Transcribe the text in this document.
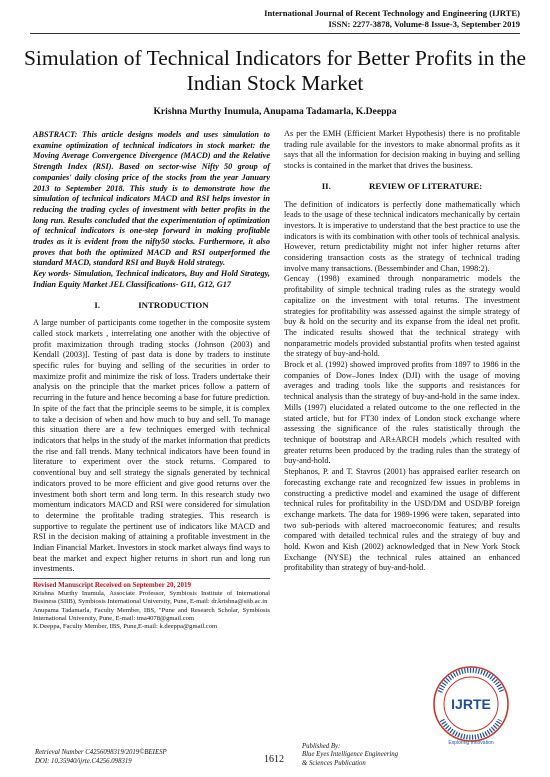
International Journal of Recent Technology and Engineering (IJRTE)
ISSN: 2277-3878, Volume-8 Issue-3, September 2019
Simulation of Technical Indicators for Better Profits in the Indian Stock Market
Krishna Murthy Inumula, Anupama Tadamarla, K.Deeppa

ABSTRACT: This article designs models and uses simulation to examine optimization of technical indicators in stock market: the Moving Average Convergence Divergence (MACD) and the Relative Strength Index (RSI). Based on sector-wise Nifty 50 group of companies' daily closing price of the stocks from the year January 2013 to September 2018. This study is to demonstrate how the simulation of technical indicators MACD and RSI helps investor in reducing the trading cycles of investment with better profits in the long run. Results concluded that the experimentation of optimization of technical indicators is one-step forward in making profitable trades as it is evident from the nifty50 stocks. Furthermore, it also proves that both the optimized MACD and RSI outperformed the standard MACD, standard RSI and Buy& Hold strategy.

Key words- Simulation, Technical indicators, Buy and Hold Strategy, Indian Equity Market JEL Classifications- G11, G12, G17

I.	INTRODUCTION

A large number of participants come together in the composite system called stock markets , interrelating one another with the objective of profit maximization through trading stocks (Johnson (2003) and Kendall (2003)]. Testing of past data is done by traders to institute specific rules for buying and selling of the securities in order to maximize profit and minimize the risk of loss. Traders undertake their analysis on the principle that the market prices follow a pattern of recurring in the future and hence becoming a base for future prediction. In spite of the fact that the principle seems to be simple, it is complex to take a decision of when and how much to buy and sell. To manage this situation there are a few techniques emerged with technical indicators that helps in the study of the market information that predicts the rise and fall trends. Many technical indicators have been found in literature to experiment over the stock returns. Compared to conventional buy and sell strategy the signals generated by technical indicators proved to be more efficient and give good returns over the investment both short term and long term. In this research study two momentum indicators MACD and RSI were considered for simulation to determine the profitable trading strategies. This research is supportive to regulate the pertinent use of indicators like MACD and RSI in the decision making of attaining a profitable investment in the Indian Financial Market. Investors in stock market always find ways to beat the market and expect higher returns in short run and long run investments.

Revised Manuscript Received on September 20, 2019
Krishna Murthy Inumula, Associate Professor, Symbiosis Institute of International Business (SIIB), Symbiosis International University, Pune, E-mail: dr.krishna@siib.ac.in
Anupama Tadamarla, Faculty Member, IBS, "Pune and Research Scholar, Symbiosis International University, Pune, E-mail: tma4078@gmail.com
K.Deeppa, Faculty Member, IBS, Pune,E-mail: k.deeppa@gmail.com

As per the EMH (Efficient Market Hypothesis) there is no profitable trading rule available for the investors to make abnormal profits as it says that all the information for decision making in buying and selling stocks is contained in the market that drives the business.

II.	REVIEW OF LITERATURE:

The definition of indicators is perfectly done mathematically which leads to the usage of these technical indicators mechanically by certain investors. It is imperative to understand that the best practice to use the indicators is with its combination with other tools of technical analysis. However, return predictability might not infer higher returns after considering transaction costs as the strategy of technical trading involve many transactions. (Bessembinder and Chan, 1998:2).

Gencay (1998) examined through nonparametric models the profitability of simple technical trading rules as the strategy would capitalize on the investment with total returns. The investment strategies for profitability was assessed against the simple strategy of buy & hold on the security and its expanse from the ideal net profit. The indicated results showed that the technical strategy with nonparametric models provided substantial profits when tested against the strategy of buy-and-hold.

Brock et al. (1992) showed improved profits from 1897 to 1986 in the companies of Dow–Jones Index (DJI) with the usage of moving averages and trading tools like the supports and resistances for technical analysis than the strategy of buy-and-hold in the same index. Mills (1997) elucidated a related outcome to the one reflected in the stated article, but for FT30 index of London stock exchange where assessing the significance of the rules statistically through the technique of bootstrap and AR±ARCH models ,which resulted with greater returns been produced by the trading rules than the strategy of buy-and-hold.

Stephanos, P. and T. Stavros (2001) has appraised earlier research on forecasting exchange rate and recognized few issues in problems in constructing a predictive model and examined the usage of different technical rules for profitability in the USD/DM and USD/BP foreign exchange markets. The data for 1989-1996 were taken, separated into two sub-periods with altered macroeconomic features; and results compared with detailed technical rules and the strategy of buy and hold. Kwon and Kish (2002) acknowledged that in New York Stock Exchange (NYSE) the technical rules attained an enhanced profitability than strategy of buy-and-hold.

IJRTE
Exploring Innovation
Retrieval Number C4256098319/2019©BEIESP
DOI: 10.35940/ijrte.C4256.098319	1612
Published By:
Blue Eyes Intelligence Engineering
& Sciences Publication
